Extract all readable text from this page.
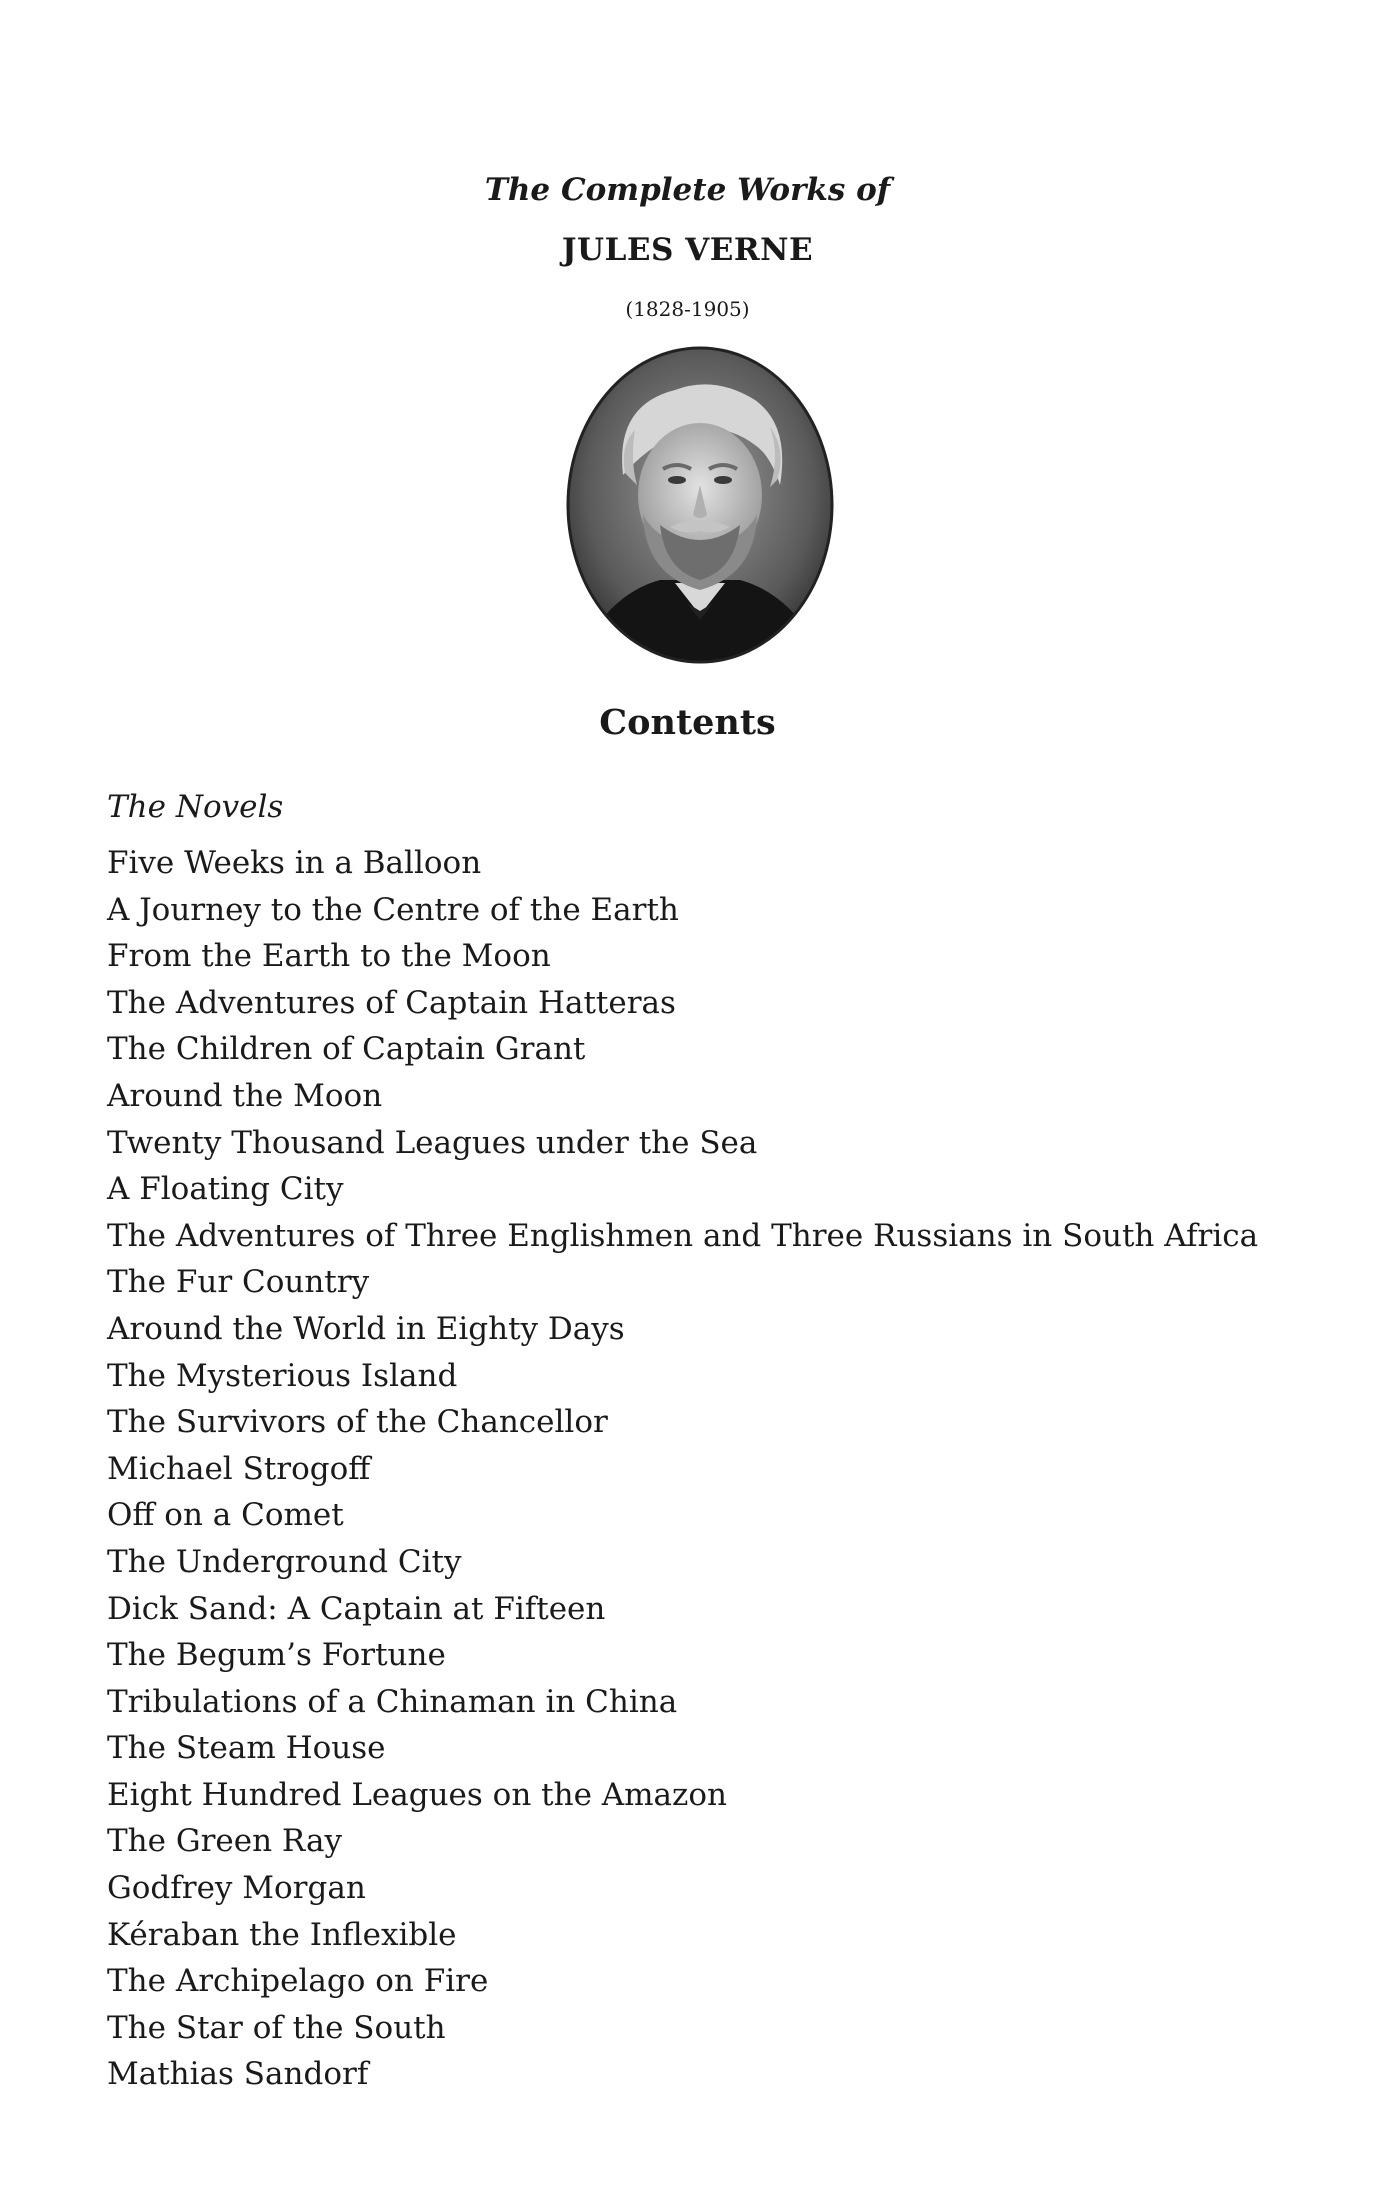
The Complete Works of
JULES VERNE
(1828-1905)
Contents
The Novels
Five Weeks in a Balloon
A Journey to the Centre of the Earth
From the Earth to the Moon
The Adventures of Captain Hatteras
The Children of Captain Grant
Around the Moon
Twenty Thousand Leagues under the Sea
A Floating City
The Adventures of Three Englishmen and Three Russians in South Africa
The Fur Country
Around the World in Eighty Days
The Mysterious Island
The Survivors of the Chancellor
Michael Strogoff
Off on a Comet
The Underground City
Dick Sand: A Captain at Fifteen
The Begum’s Fortune
Tribulations of a Chinaman in China
The Steam House
Eight Hundred Leagues on the Amazon
The Green Ray
Godfrey Morgan
Kéraban the Inflexible
The Archipelago on Fire
The Star of the South
Mathias Sandorf
